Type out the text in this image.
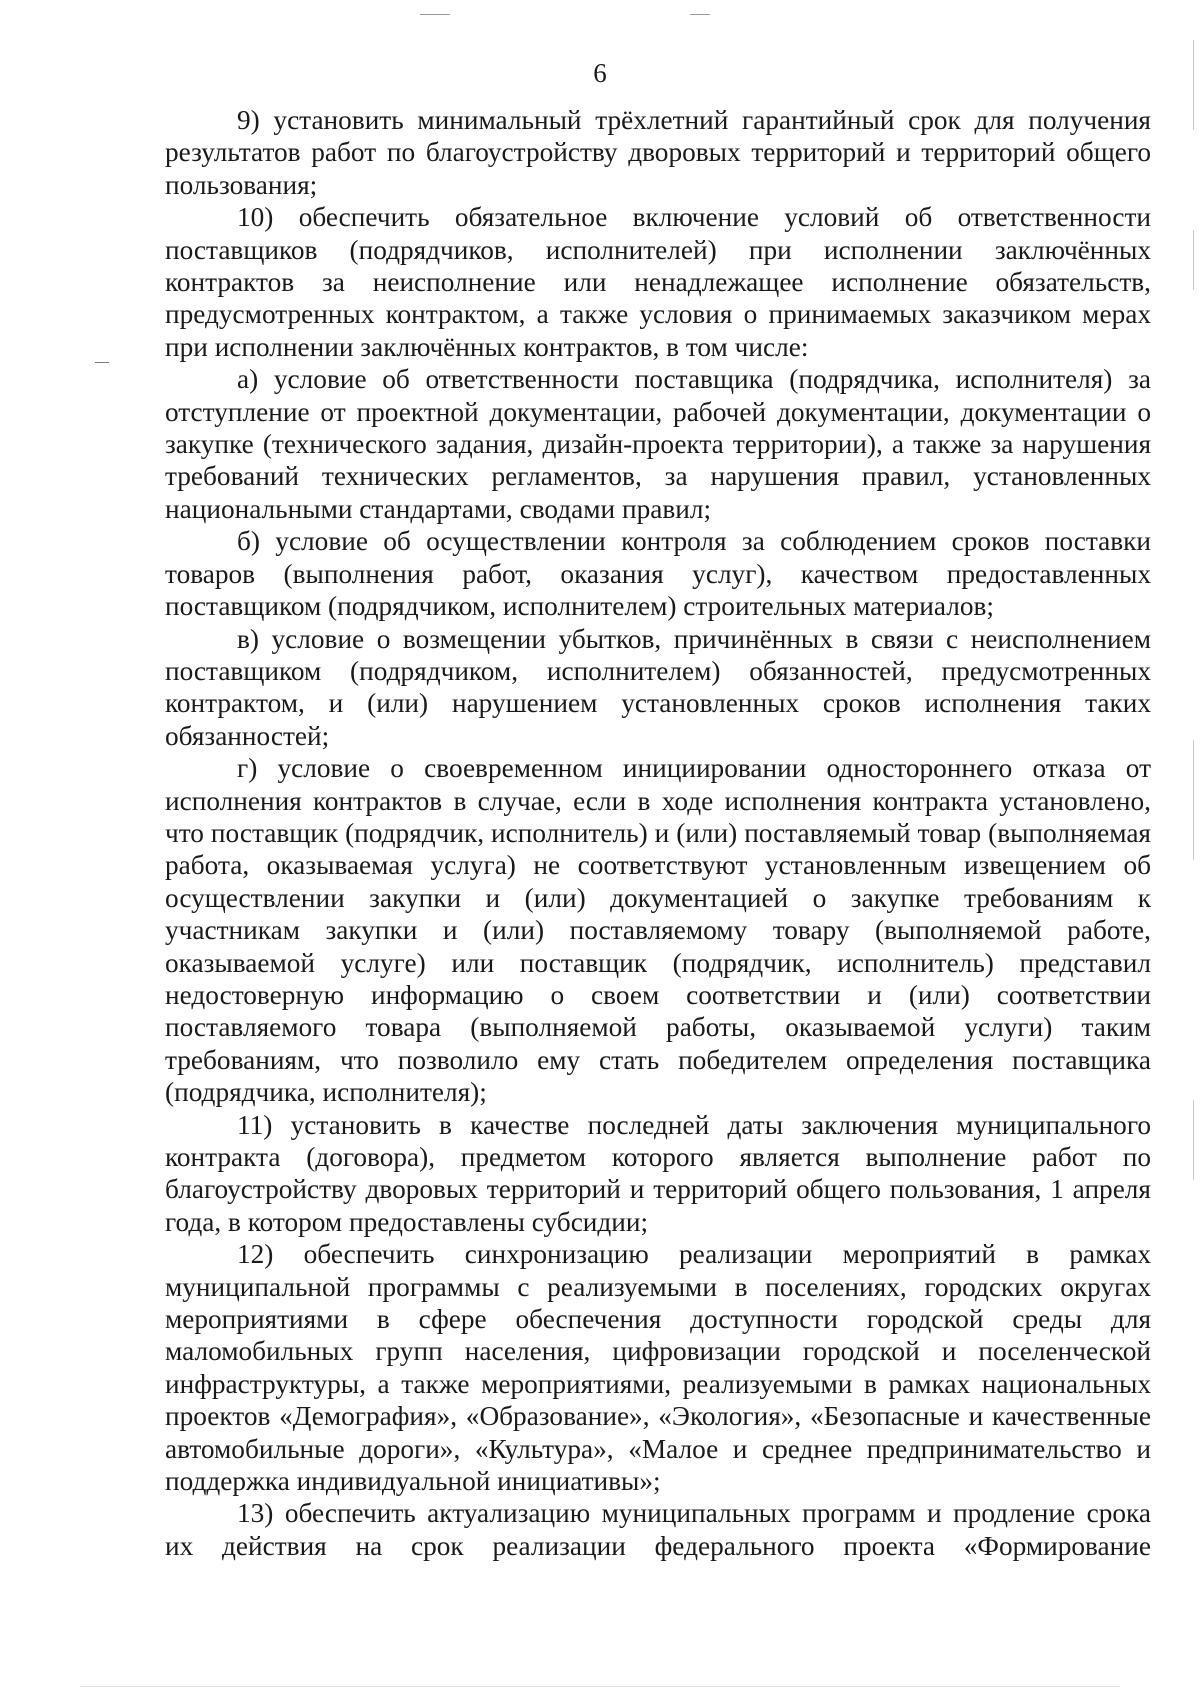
6

9) установить минимальный трёхлетний гарантийный срок для получения результатов работ по благоустройству дворовых территорий и территорий общего пользования;

10) обеспечить обязательное включение условий об ответственности поставщиков (подрядчиков, исполнителей) при исполнении заключённых контрактов за неисполнение или ненадлежащее исполнение обязательств, предусмотренных контрактом, а также условия о принимаемых заказчиком мерах при исполнении заключённых контрактов, в том числе:

а) условие об ответственности поставщика (подрядчика, исполнителя) за отступление от проектной документации, рабочей документации, документации о закупке (технического задания, дизайн-проекта территории), а также за нарушения требований технических регламентов, за нарушения правил, установленных национальными стандартами, сводами правил;

б) условие об осуществлении контроля за соблюдением сроков поставки товаров (выполнения работ, оказания услуг), качеством предоставленных поставщиком (подрядчиком, исполнителем) строительных материалов;

в) условие о возмещении убытков, причинённых в связи с неисполнением поставщиком (подрядчиком, исполнителем) обязанностей, предусмотренных контрактом, и (или) нарушением установленных сроков исполнения таких обязанностей;

г) условие о своевременном инициировании одностороннего отказа от исполнения контрактов в случае, если в ходе исполнения контракта установлено, что поставщик (подрядчик, исполнитель) и (или) поставляемый товар (выполняемая работа, оказываемая услуга) не соответствуют установленным извещением об осуществлении закупки и (или) документацией о закупке требованиям к участникам закупки и (или) поставляемому товару (выполняемой работе, оказываемой услуге) или поставщик (подрядчик, исполнитель) представил недостоверную информацию о своем соответствии и (или) соответствии поставляемого товара (выполняемой работы, оказываемой услуги) таким требованиям, что позволило ему стать победителем определения поставщика (подрядчика, исполнителя);

11) установить в качестве последней даты заключения муниципального контракта (договора), предметом которого является выполнение работ по благоустройству дворовых территорий и территорий общего пользования, 1 апреля года, в котором предоставлены субсидии;

12) обеспечить синхронизацию реализации мероприятий в рамках муниципальной программы с реализуемыми в поселениях, городских округах мероприятиями в сфере обеспечения доступности городской среды для маломобильных групп населения, цифровизации городской и поселенческой инфраструктуры, а также мероприятиями, реализуемыми в рамках национальных проектов «Демография», «Образование», «Экология», «Безопасные и качественные автомобильные дороги», «Культура», «Малое и среднее предпринимательство и поддержка индивидуальной инициативы»;

13) обеспечить актуализацию муниципальных программ и продление срока их действия на срок реализации федерального проекта «Формирование
